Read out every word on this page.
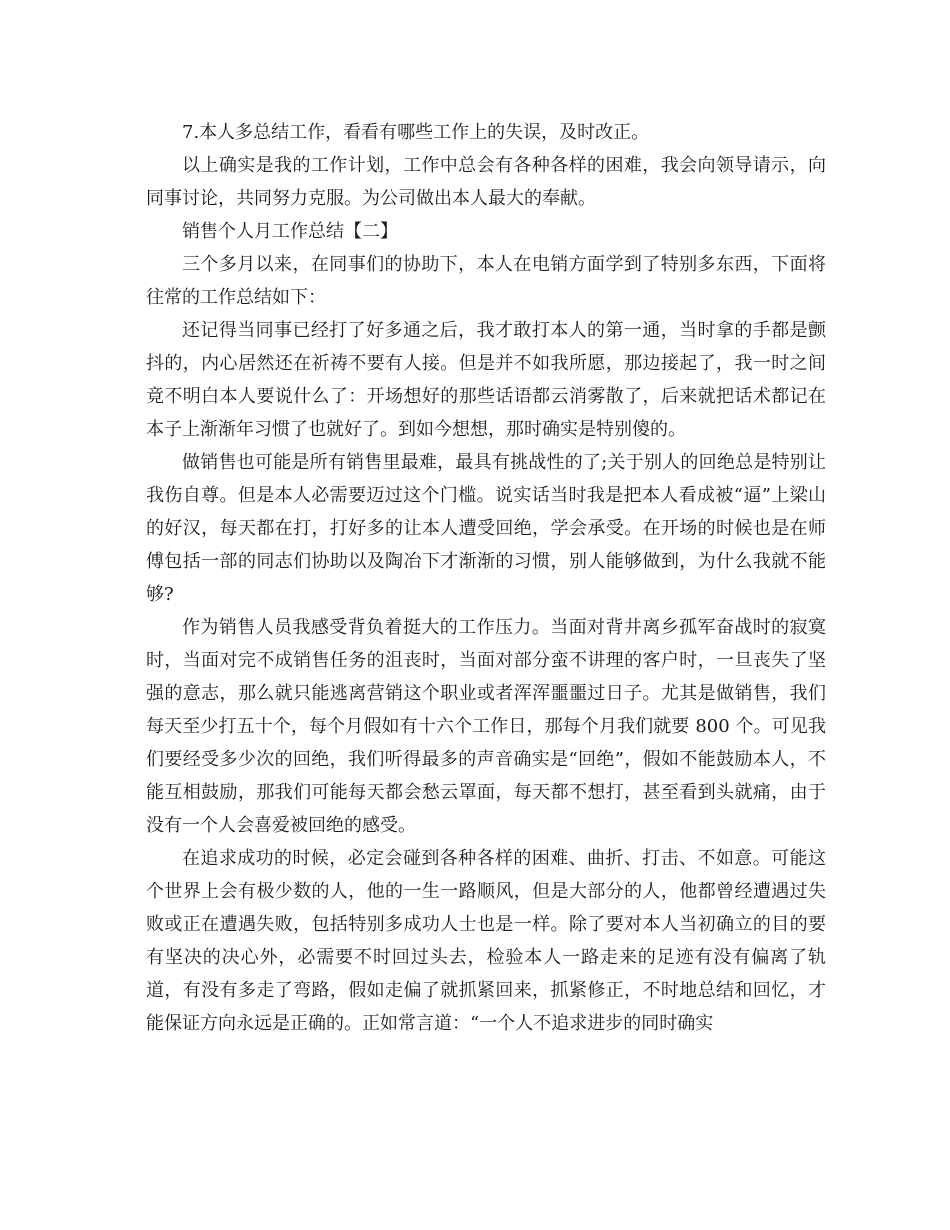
7.本人多总结工作，看看有哪些工作上的失误，及时改正。

以上确实是我的工作计划，工作中总会有各种各样的困难，我会向领导请示，向同事讨论，共同努力克服。为公司做出本人最大的奉献。

销售个人月工作总结【二】

三个多月以来，在同事们的协助下，本人在电销方面学到了特别多东西，下面将往常的工作总结如下：

还记得当同事已经打了好多通之后，我才敢打本人的第一通，当时拿的手都是颤抖的，内心居然还在祈祷不要有人接。但是并不如我所愿，那边接起了，我一时之间竟不明白本人要说什么了：开场想好的那些话语都云消雾散了，后来就把话术都记在本子上渐渐年习惯了也就好了。到如今想想，那时确实是特别傻的。

做销售也可能是所有销售里最难，最具有挑战性的了;关于别人的回绝总是特别让我伤自尊。但是本人必需要迈过这个门槛。说实话当时我是把本人看成被“逼”上梁山的好汉，每天都在打，打好多的让本人遭受回绝，学会承受。在开场的时候也是在师傅包括一部的同志们协助以及陶冶下才渐渐的习惯，别人能够做到，为什么我就不能够?

作为销售人员我感受背负着挺大的工作压力。当面对背井离乡孤军奋战时的寂寞时，当面对完不成销售任务的沮丧时，当面对部分蛮不讲理的客户时，一旦丧失了坚强的意志，那么就只能逃离营销这个职业或者浑浑噩噩过日子。尤其是做销售，我们每天至少打五十个，每个月假如有十六个工作日，那每个月我们就要 800 个。可见我们要经受多少次的回绝，我们听得最多的声音确实是“回绝”，假如不能鼓励本人，不能互相鼓励，那我们可能每天都会愁云罩面，每天都不想打，甚至看到头就痛，由于没有一个人会喜爱被回绝的感受。

在追求成功的时候，必定会碰到各种各样的困难、曲折、打击、不如意。可能这个世界上会有极少数的人，他的一生一路顺风，但是大部分的人，他都曾经遭遇过失败或正在遭遇失败，包括特别多成功人士也是一样。除了要对本人当初确立的目的要有坚决的决心外，必需要不时回过头去，检验本人一路走来的足迹有没有偏离了轨道，有没有多走了弯路，假如走偏了就抓紧回来，抓紧修正，不时地总结和回忆，才能保证方向永远是正确的。正如常言道：“一个人不追求进步的同时确实
